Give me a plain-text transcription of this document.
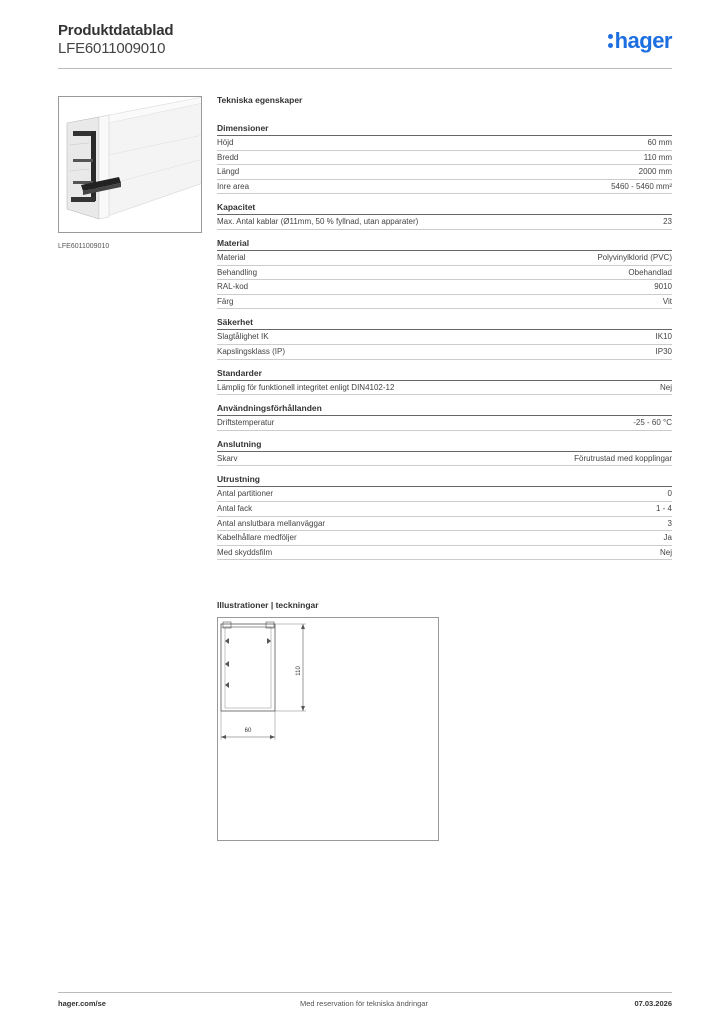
Produktdatablad
LFE6011009010	hager
LFE6011009010
Tekniska egenskaper
Dimensioner
Höjd	60 mm
Bredd	110 mm
Längd	2000 mm
Inre area	5460 - 5460 mm²
Kapacitet
Max. Antal kablar (Ø11mm, 50 % fyllnad, utan apparater)	23
Material
Material	Polyvinylklorid (PVC)
Behandling	Obehandlad
RAL-kod	9010
Färg	Vit
Säkerhet
Slagtålighet IK	IK10
Kapslingsklass (IP)	IP30
Standarder
Lämplig för funktionell integritet enligt DIN4102-12	Nej
Användningsförhållanden
Driftstemperatur	-25 - 60 °C
Anslutning
Skarv	Förutrustad med kopplingar
Utrustning
Antal partitioner	0
Antal fack	1 - 4
Antal anslutbara mellanväggar	3
Kabelhållare medföljer	Ja
Med skyddsfilm	Nej
Illustrationer | teckningar
110
60
hager.com/se	Med reservation för tekniska ändringar	07.03.2026
